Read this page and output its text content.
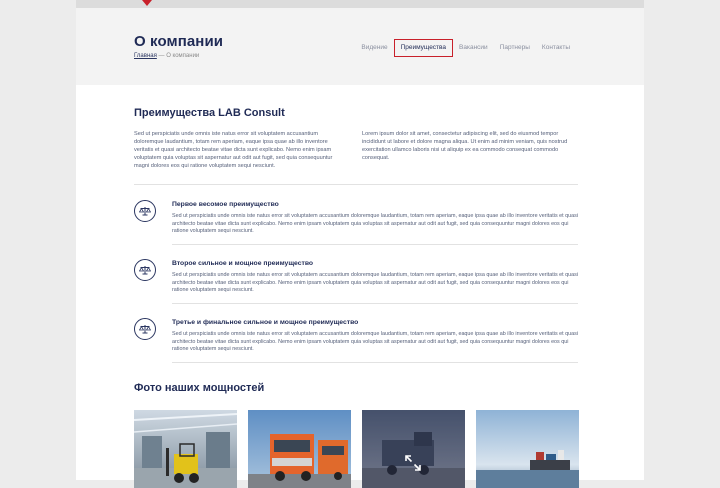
О компании
Главная — О компании
Видение	Преимущества	Вакансии	Партнеры	Контакты
Преимущества LAB Consult
Sed ut perspiciatis unde omnis iste natus error sit voluptatem accusantium doloremque laudantium, totam rem aperiam, eaque ipsa quae ab illo inventore veritatis et quasi architecto beatae vitae dicta sunt explicabo. Nemo enim ipsam voluptatem quia voluptas sit aspernatur aut odit aut fugit, sed quia consequuntur magni dolores eos qui ratione voluptatem sequi nesciunt.
Lorem ipsum dolor sit amet, consectetur adipiscing elit, sed do eiusmod tempor incididunt ut labore et dolore magna aliqua. Ut enim ad minim veniam, quis nostrud exercitation ullamco laboris nisi ut aliquip ex ea commodo consequat commodo consequat.
Первое весомое преимущество
Sed ut perspiciatis unde omnis iste natus error sit voluptatem accusantium doloremque laudantium, totam rem aperiam, eaque ipsa quae ab illo inventore veritatis et quasi architecto beatae vitae dicta sunt explicabo. Nemo enim ipsam voluptatem quia voluptas sit aspernatur aut odit aut fugit, sed quia consequuntur magni dolores eos qui ratione voluptatem sequi nesciunt.
Второе сильное и мощное преимущество
Sed ut perspiciatis unde omnis iste natus error sit voluptatem accusantium doloremque laudantium, totam rem aperiam, eaque ipsa quae ab illo inventore veritatis et quasi architecto beatae vitae dicta sunt explicabo. Nemo enim ipsam voluptatem quia voluptas sit aspernatur aut odit aut fugit, sed quia consequuntur magni dolores eos qui ratione voluptatem sequi nesciunt.
Третье и финальное сильное и мощное преимущество
Sed ut perspiciatis unde omnis iste natus error sit voluptatem accusantium doloremque laudantium, totam rem aperiam, eaque ipsa quae ab illo inventore veritatis et quasi architecto beatae vitae dicta sunt explicabo. Nemo enim ipsam voluptatem quia voluptas sit aspernatur aut odit aut fugit, sed quia consequuntur magni dolores eos qui ratione voluptatem sequi nesciunt.
Фото наших мощностей
